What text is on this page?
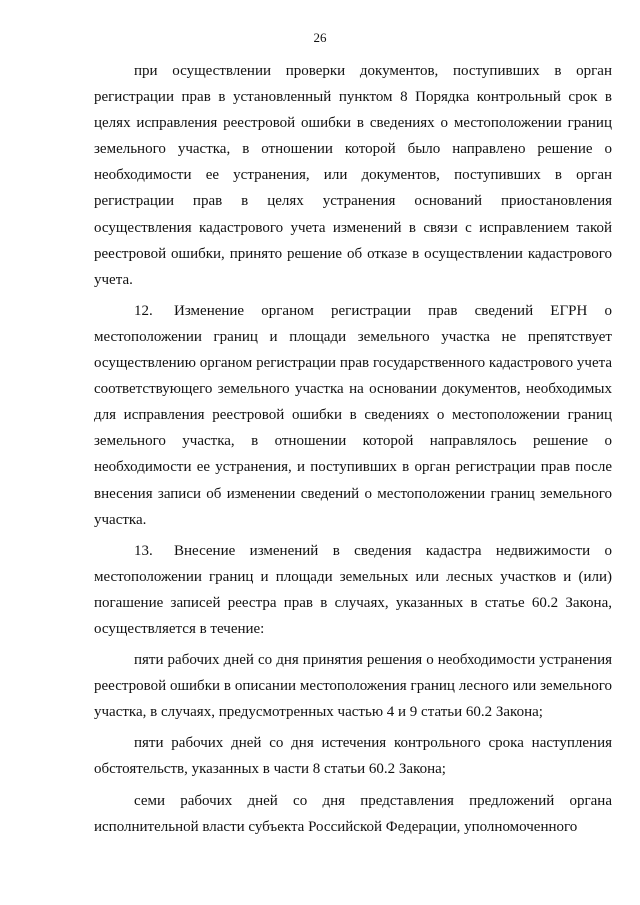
26

при осуществлении проверки документов, поступивших в орган регистрации прав в установленный пунктом 8 Порядка контрольный срок в целях исправления реестровой ошибки в сведениях о местоположении границ земельного участка, в отношении которой было направлено решение о необходимости ее устранения, или документов, поступивших в орган регистрации прав в целях устранения оснований приостановления осуществления кадастрового учета изменений в связи с исправлением такой реестровой ошибки, принято решение об отказе в осуществлении кадастрового учета.

12. Изменение органом регистрации прав сведений ЕГРН о местоположении границ и площади земельного участка не препятствует осуществлению органом регистрации прав государственного кадастрового учета соответствующего земельного участка на основании документов, необходимых для исправления реестровой ошибки в сведениях о местоположении границ земельного участка, в отношении которой направлялось решение о необходимости ее устранения, и поступивших в орган регистрации прав после внесения записи об изменении сведений о местоположении границ земельного участка.

13. Внесение изменений в сведения кадастра недвижимости о местоположении границ и площади земельных или лесных участков и (или) погашение записей реестра прав в случаях, указанных в статье 60.2 Закона, осуществляется в течение:

пяти рабочих дней со дня принятия решения о необходимости устранения реестровой ошибки в описании местоположения границ лесного или земельного участка, в случаях, предусмотренных частью 4 и 9 статьи 60.2 Закона;

пяти рабочих дней со дня истечения контрольного срока наступления обстоятельств, указанных в части 8 статьи 60.2 Закона;

семи рабочих дней со дня представления предложений органа исполнительной власти субъекта Российской Федерации, уполномоченного
